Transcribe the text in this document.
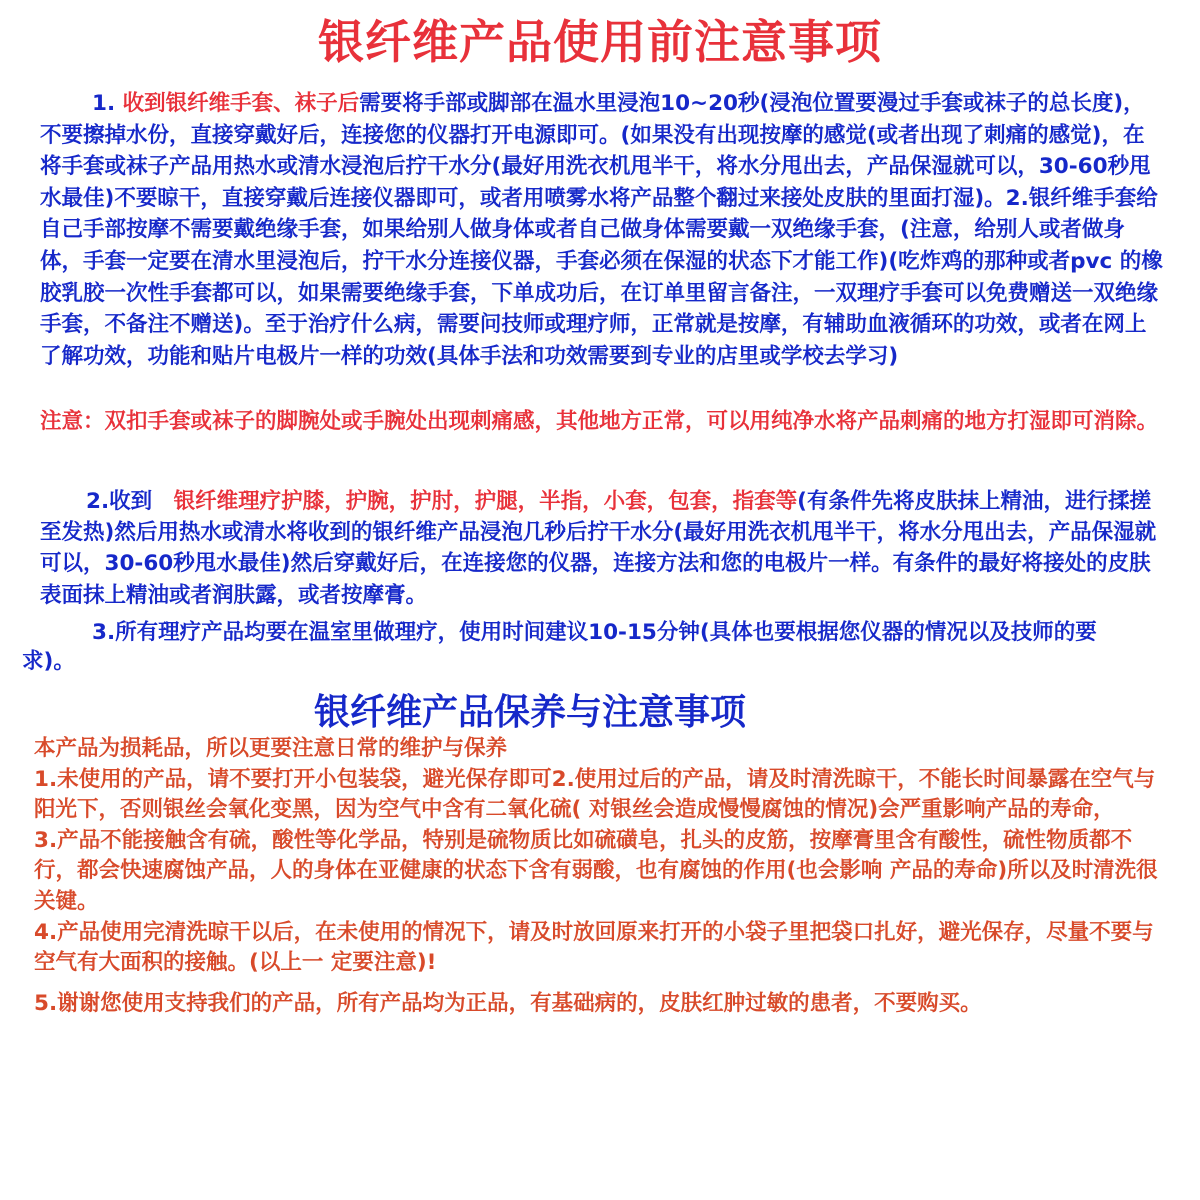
银纤维产品使用前注意事项

1. 收到银纤维手套、袜子后需要将手部或脚部在温水里浸泡10~20秒(浸泡位置要漫过手套或袜子的总长度)，不要擦掉水份，直接穿戴好后，连接您的仪器打开电源即可。(如果没有出现按摩的感觉(或者出现了刺痛的感觉)，在将手套或袜子产品用热水或清水浸泡后拧干水分(最好用洗衣机甩半干，将水分甩出去，产品保湿就可以，30-60秒甩水最佳)不要晾干，直接穿戴后连接仪器即可，或者用喷雾水将产品整个翻过来接处皮肤的里面打湿)。2.银纤维手套给自己手部按摩不需要戴绝缘手套，如果给别人做身体或者自己做身体需要戴一双绝缘手套，(注意，给别人或者做身体，手套一定要在清水里浸泡后，拧干水分连接仪器，手套必须在保湿的状态下才能工作)(吃炸鸡的那种或者pvc 的橡胶乳胶一次性手套都可以，如果需要绝缘手套，下单成功后，在订单里留言备注，一双理疗手套可以免费赠送一双绝缘手套，不备注不赠送)。至于治疗什么病，需要问技师或理疗师，正常就是按摩，有辅助血液循环的功效，或者在网上了解功效，功能和贴片电极片一样的功效(具体手法和功效需要到专业的店里或学校去学习)

注意：双扣手套或袜子的脚腕处或手腕处出现刺痛感，其他地方正常，可以用纯净水将产品刺痛的地方打湿即可消除。

2.收到　银纤维理疗护膝，护腕，护肘，护腿，半指，小套，包套，指套等(有条件先将皮肤抹上精油，进行揉搓至发热)然后用热水或清水将收到的银纤维产品浸泡几秒后拧干水分(最好用洗衣机甩半干，将水分甩出去，产品保湿就可以，30-60秒甩水最佳)然后穿戴好后，在连接您的仪器，连接方法和您的电极片一样。有条件的最好将接处的皮肤表面抹上精油或者润肤露，或者按摩膏。

3.所有理疗产品均要在温室里做理疗，使用时间建议10-15分钟(具体也要根据您仪器的情况以及技师的要求)。

银纤维产品保养与注意事项
本产品为损耗品，所以更要注意日常的维护与保养
1.未使用的产品，请不要打开小包装袋，避光保存即可2.使用过后的产品，请及时清洗晾干，不能长时间暴露在空气与阳光下，否则银丝会氧化变黑，因为空气中含有二氧化硫( 对银丝会造成慢慢腐蚀的情况)会严重影响产品的寿命，
3.产品不能接触含有硫，酸性等化学品，特别是硫物质比如硫磺皂，扎头的皮筋，按摩膏里含有酸性，硫性物质都不行，都会快速腐蚀产品，人的身体在亚健康的状态下含有弱酸，也有腐蚀的作用(也会影响 产品的寿命)所以及时清洗很关键。
4.产品使用完清洗晾干以后，在未使用的情况下，请及时放回原来打开的小袋子里把袋口扎好，避光保存，尽量不要与空气有大面积的接触。(以上一 定要注意)!
5.谢谢您使用支持我们的产品，所有产品均为正品，有基础病的，皮肤红肿过敏的患者，不要购买。
